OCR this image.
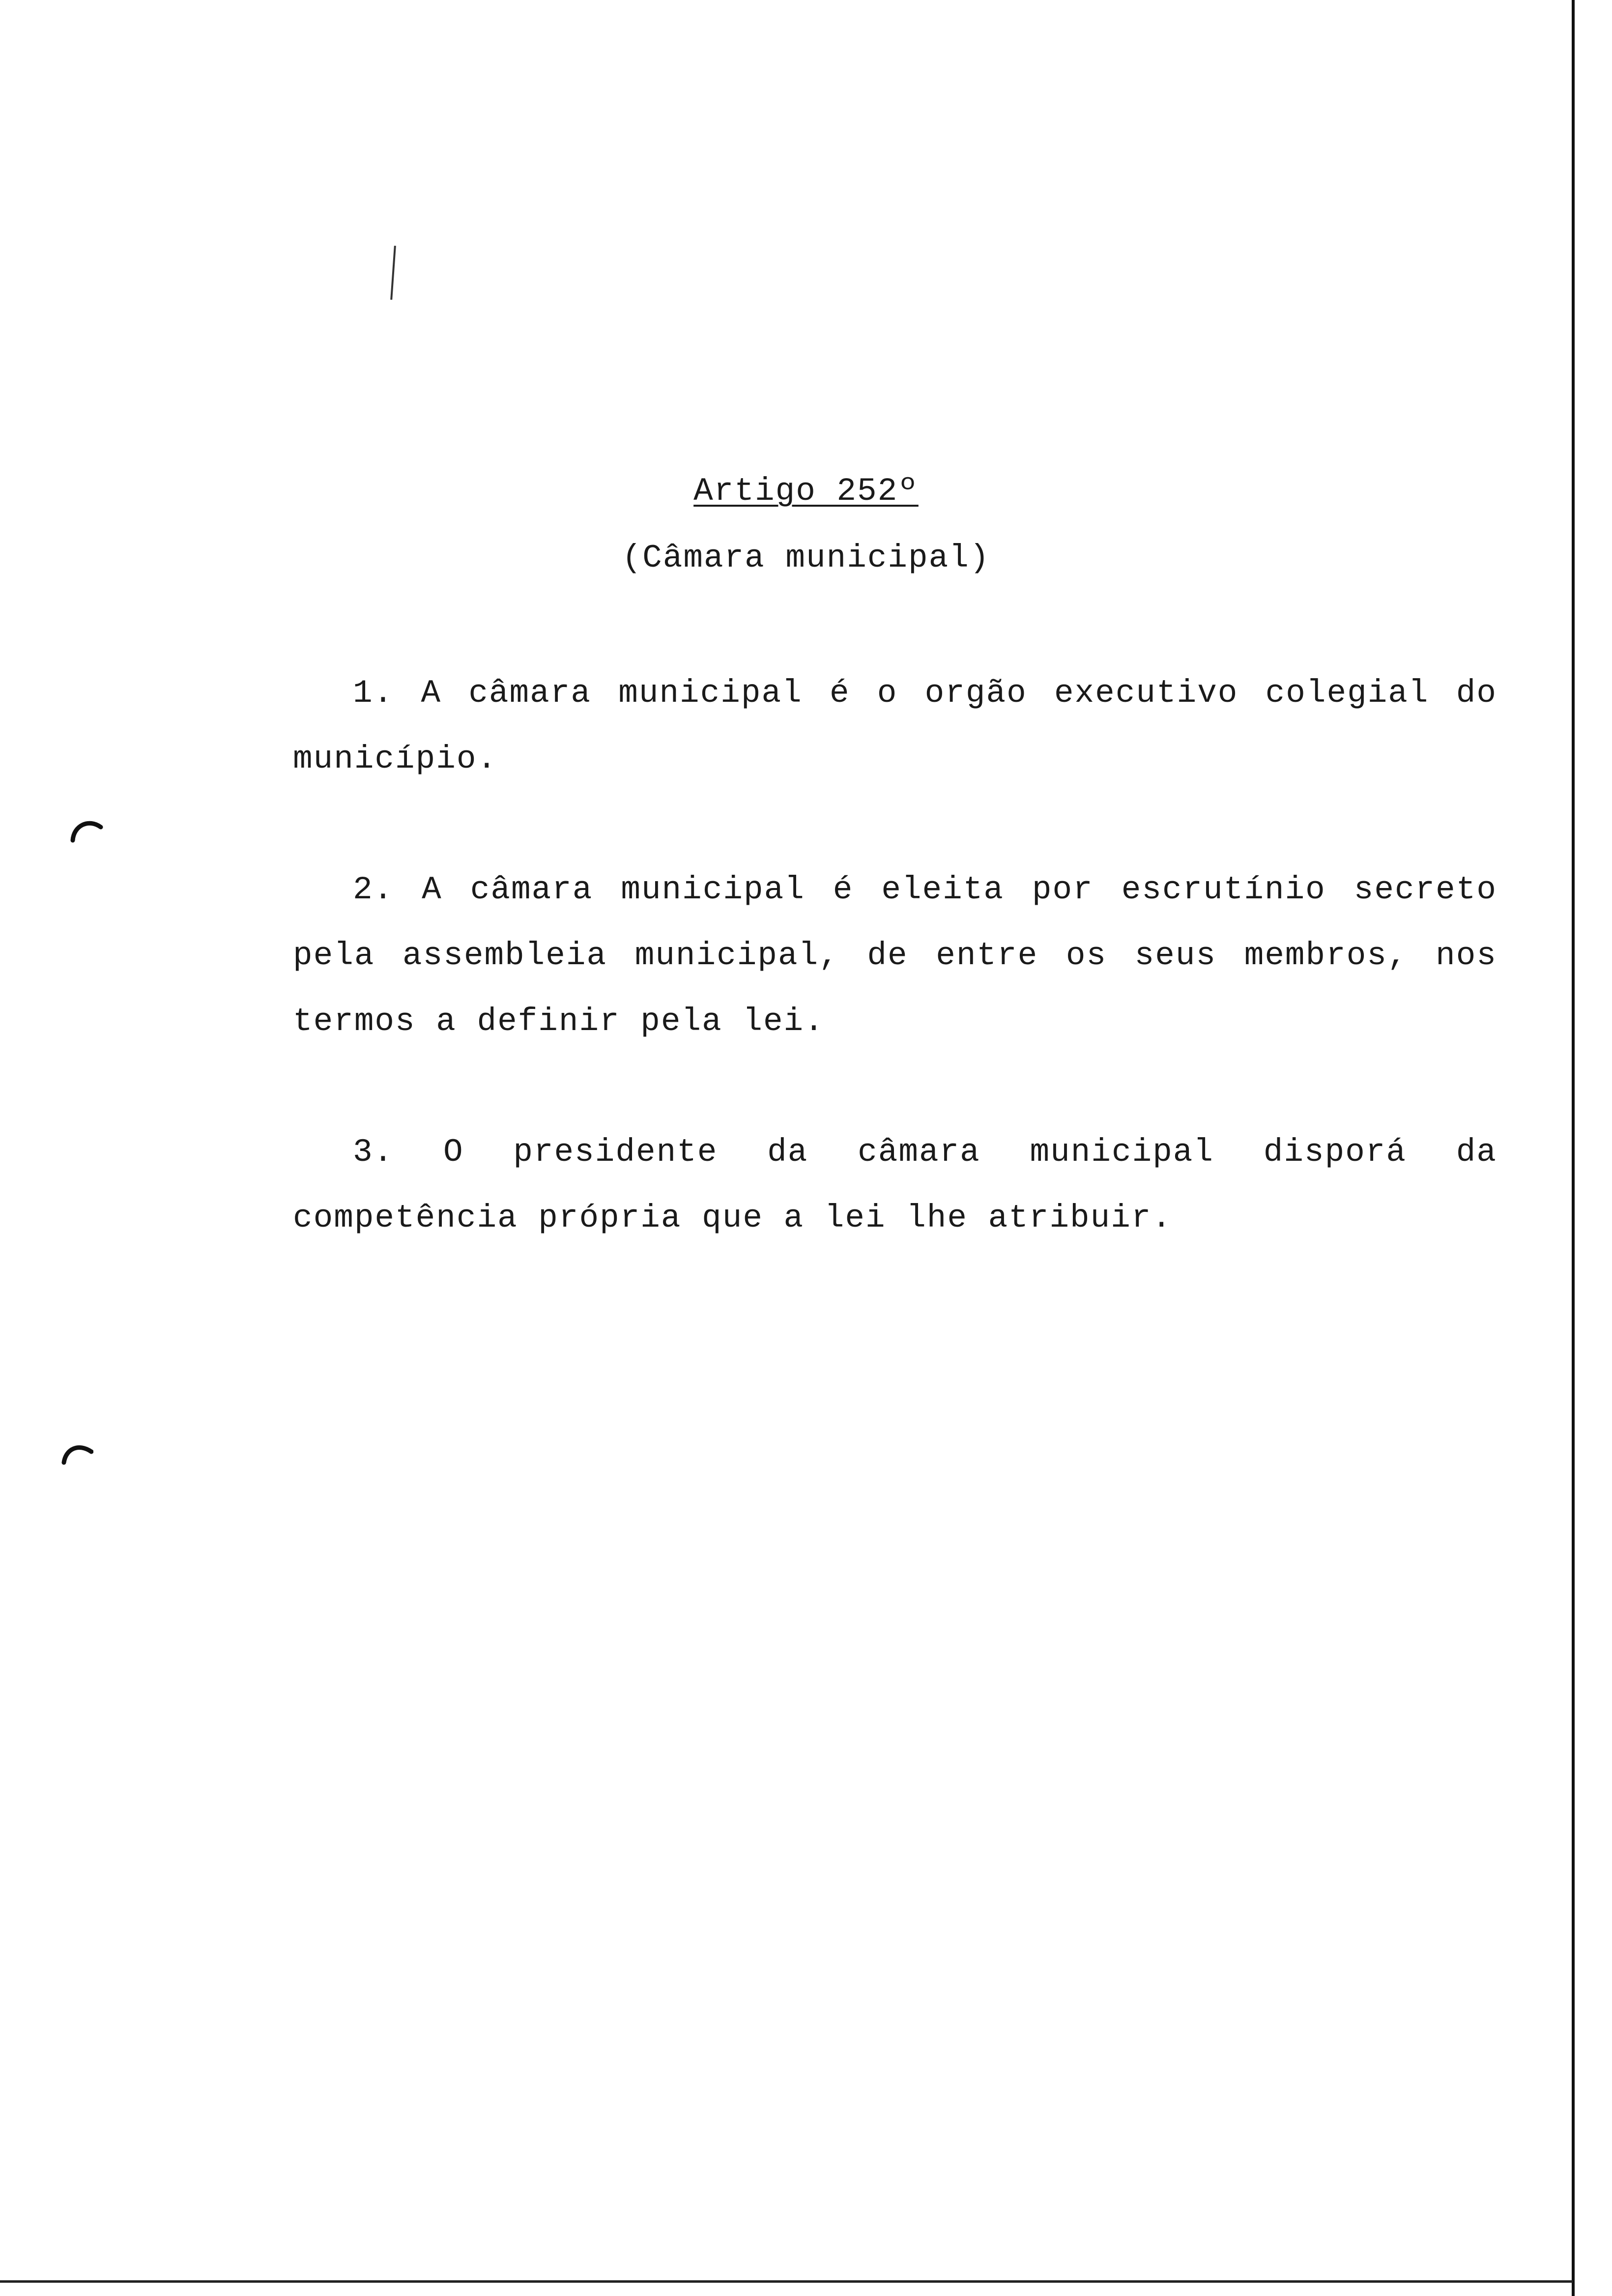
Artigo 252º
(Câmara municipal)
1. A câmara municipal é o orgão executivo colegial do município.
2. A câmara municipal é eleita por escrutínio secreto pela assembleia municipal, de entre os seus membros, nos termos a definir pela lei.
3. O presidente da câmara municipal disporá da competência própria que a lei lhe atribuir.
